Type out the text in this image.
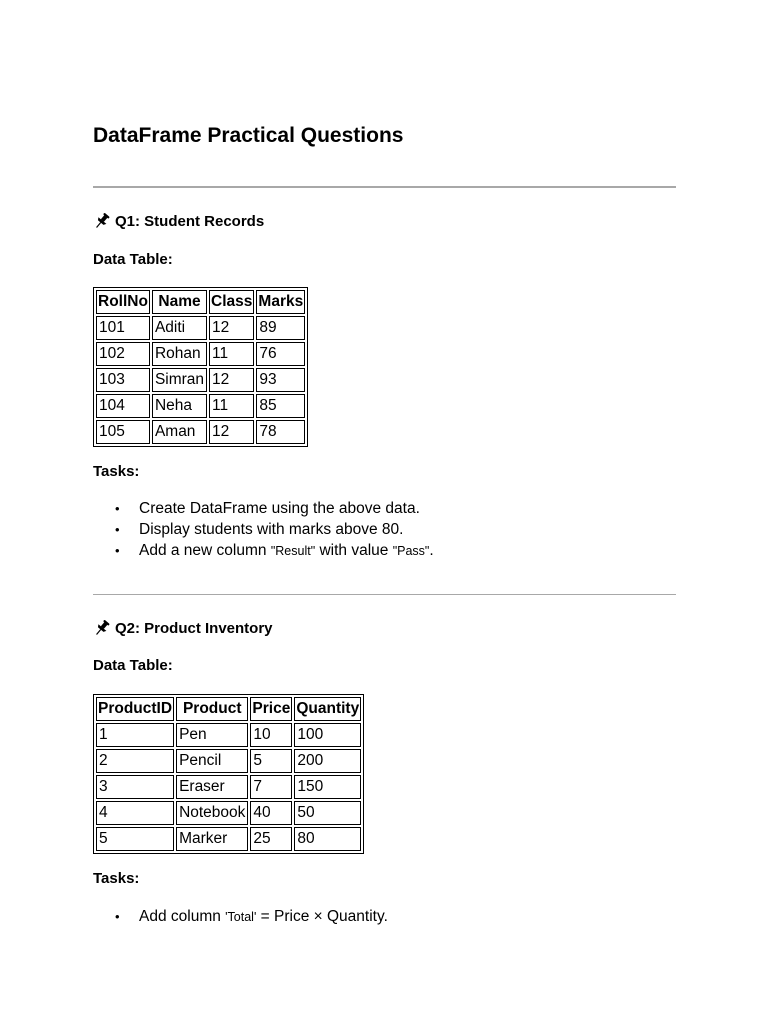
DataFrame Practical Questions
Q1: Student Records
Data Table:
RollNo	Name	Class	Marks
101	Aditi	12	89
102	Rohan	11	76
103	Simran	12	93
104	Neha	11	85
105	Aman	12	78
Tasks:
• Create DataFrame using the above data.
• Display students with marks above 80.
• Add a new column "Result" with value "Pass".
Q2: Product Inventory
Data Table:
ProductID	Product	Price	Quantity
1	Pen	10	100
2	Pencil	5	200
3	Eraser	7	150
4	Notebook	40	50
5	Marker	25	80
Tasks:
• Add column 'Total' = Price × Quantity.
